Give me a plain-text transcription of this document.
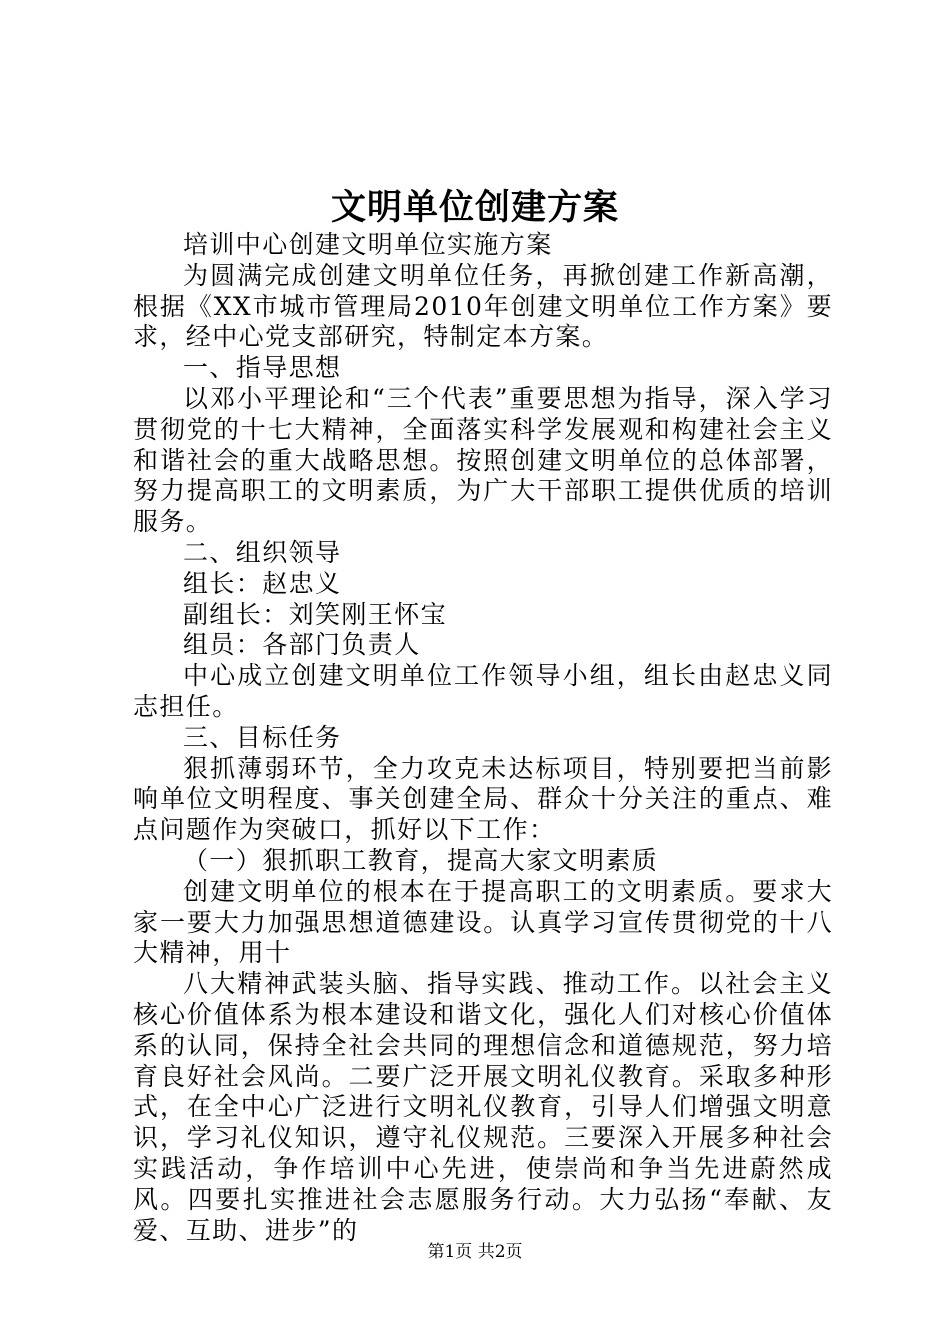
文明单位创建方案

培训中心创建文明单位实施方案

为圆满完成创建文明单位任务，再掀创建工作新高潮，根据《XX市城市管理局2010年创建文明单位工作方案》要求，经中心党支部研究，特制定本方案。

一、指导思想

以邓小平理论和“三个代表”重要思想为指导，深入学习贯彻党的十七大精神，全面落实科学发展观和构建社会主义和谐社会的重大战略思想。按照创建文明单位的总体部署，努力提高职工的文明素质，为广大干部职工提供优质的培训服务。

二、组织领导

组长：赵忠义

副组长：刘笑刚王怀宝

组员：各部门负责人

中心成立创建文明单位工作领导小组，组长由赵忠义同志担任。

三、目标任务

狠抓薄弱环节，全力攻克未达标项目，特别要把当前影响单位文明程度、事关创建全局、群众十分关注的重点、难点问题作为突破口，抓好以下工作：

（一）狠抓职工教育，提高大家文明素质

创建文明单位的根本在于提高职工的文明素质。要求大家一要大力加强思想道德建设。认真学习宣传贯彻党的十八大精神，用十

八大精神武装头脑、指导实践、推动工作。以社会主义核心价值体系为根本建设和谐文化，强化人们对核心价值体系的认同，保持全社会共同的理想信念和道德规范，努力培育良好社会风尚。二要广泛开展文明礼仪教育。采取多种形式，在全中心广泛进行文明礼仪教育，引导人们增强文明意识，学习礼仪知识，遵守礼仪规范。三要深入开展多种社会实践活动，争作培训中心先进，使崇尚和争当先进蔚然成风。四要扎实推进社会志愿服务行动。大力弘扬“奉献、友爱、互助、进步”的

第1页 共2页
